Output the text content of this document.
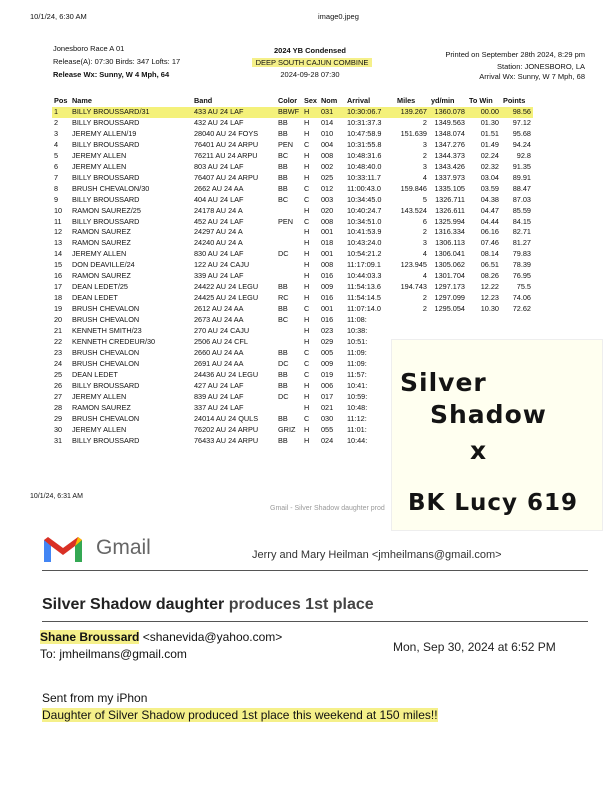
10/1/24, 6:30 AM	image0.jpeg
Jonesboro Race A 01
Release(A): 07:30 Birds: 347 Lofts: 17
Release Wx: Sunny, W 4 Mph, 64
2024 YB Condensed
DEEP SOUTH CAJUN COMBINE
2024-09-28 07:30
Printed on September 28th 2024, 8:29 pm
Station: JONESBORO, LA
Arrival Wx: Sunny, W 7 Mph, 68
Pos	Name	Band	Color	Sex	Nom	Arrival	Miles	yd/min	To Win	Points
1	BILLY BROUSSARD/31	433 AU 24 LAF	BBWF	H	031	10:30:06.7	139.267	1360.078	00.00	98.56
2	BILLY BROUSSARD	432 AU 24 LAF	BB	H	014	10:31:37.3	2	1349.563	01.30	97.12
3	JEREMY ALLEN/19	28040 AU 24 FOYS	BB	H	010	10:47:58.9	151.639	1348.074	01.51	95.68
4	BILLY BROUSSARD	76401 AU 24 ARPU	PEN	C	004	10:31:55.8	3	1347.276	01.49	94.24
5	JEREMY ALLEN	76211 AU 24 ARPU	BC	H	008	10:48:31.6	2	1344.373	02.24	92.8
6	JEREMY ALLEN	803 AU 24 LAF	BB	H	002	10:48:40.0	3	1343.426	02.32	91.35
7	BILLY BROUSSARD	76407 AU 24 ARPU	BB	H	025	10:33:11.7	4	1337.973	03.04	89.91
8	BRUSH CHEVALON/30	2662 AU 24 AA	BB	C	012	11:00:43.0	159.846	1335.105	03.59	88.47
9	BILLY BROUSSARD	404 AU 24 LAF	BC	C	003	10:34:45.0	5	1326.711	04.38	87.03
10	RAMON SAUREZ/25	24178 AU 24 A		H	020	10:40:24.7	143.524	1326.611	04.47	85.59
11	BILLY BROUSSARD	452 AU 24 LAF	PEN	C	008	10:34:51.0	6	1325.994	04.44	84.15
12	RAMON SAUREZ	24297 AU 24 A		H	001	10:41:53.9	2	1316.334	06.16	82.71
13	RAMON SAUREZ	24240 AU 24 A		H	018	10:43:24.0	3	1306.113	07.46	81.27
14	JEREMY ALLEN	830 AU 24 LAF	DC	H	001	10:54:21.2	4	1306.041	08.14	79.83
15	DON DEAVILLE/24	122 AU 24 CAJU		H	008	11:17:09.1	123.945	1305.062	06.51	78.39
16	RAMON SAUREZ	339 AU 24 LAF		H	016	10:44:03.3	4	1301.704	08.26	76.95
17	DEAN LEDET/25	24422 AU 24 LEGU	BB	H	009	11:54:13.6	194.743	1297.173	12.22	75.5
18	DEAN LEDET	24425 AU 24 LEGU	RC	H	016	11:54:14.5	2	1297.099	12.23	74.06
19	BRUSH CHEVALON	2612 AU 24 AA	BB	C	001	11:07:14.0	2	1295.054	10.30	72.62
20	BRUSH CHEVALON	2673 AU 24 AA	BC	H	016	11:08:				
21	KENNETH SMITH/23	270 AU 24 CAJU		H	023	10:38:				
22	KENNETH CREDEUR/30	2506 AU 24 CFL		H	029	10:51:				
23	BRUSH CHEVALON	2660 AU 24 AA	BB	C	005	11:09:				
24	BRUSH CHEVALON	2691 AU 24 AA	DC	C	009	11:09:				
25	DEAN LEDET	24436 AU 24 LEGU	BB	C	019	11:57:				
26	BILLY BROUSSARD	427 AU 24 LAF	BB	H	006	10:41:				
27	JEREMY ALLEN	839 AU 24 LAF	DC	H	017	10:59:				
28	RAMON SAUREZ	337 AU 24 LAF		H	021	10:48:				
29	BRUSH CHEVALON	24014 AU 24 QULS	BB	C	030	11:12:				
30	JEREMY ALLEN	76202 AU 24 ARPU	GRIZ	H	055	11:01:				
31	BILLY BROUSSARD	76433 AU 24 ARPU	BB	H	024	10:44:				
Silver
Shadow
x
BK Lucy 619
10/1/24, 6:31 AM
Gmail - Silver Shadow daughter prod
Gmail	Jerry and Mary Heilman <jmheilmans@gmail.com>
Silver Shadow daughter produces 1st place
Shane Broussard <shanevida@yahoo.com>
To: jmheilmans@gmail.com	Mon, Sep 30, 2024 at 6:52 PM
Sent from my iPhon
Daughter of Silver Shadow produced 1st place this weekend at 150 miles!!
